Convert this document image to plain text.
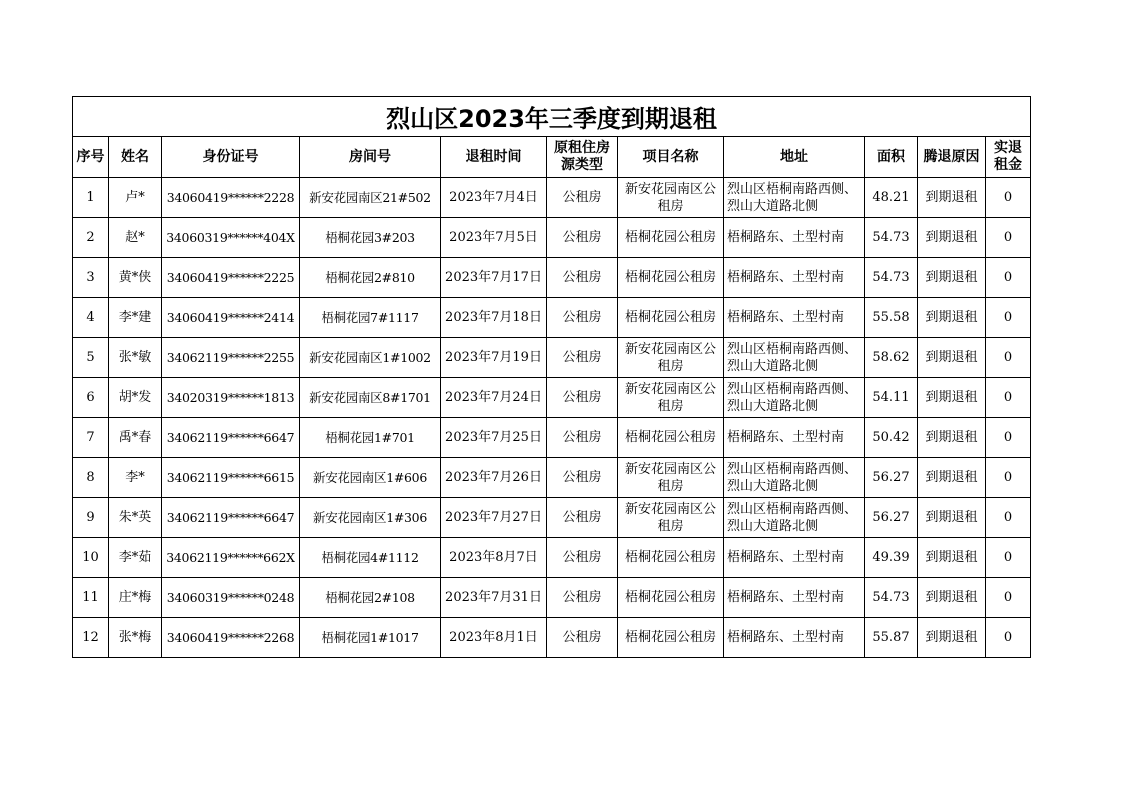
烈山区2023年三季度到期退租										
序号	姓名	身份证号	房间号	退租时间	原租住房源类型	项目名称	地址	面积	腾退原因	实退租金
1	卢*	34060419******2228	新安花园南区21#502	2023年7月4日	公租房	新安花园南区公租房	烈山区梧桐南路西侧、烈山大道路北侧	48.21	到期退租	0
2	赵*	34060319******404X	梧桐花园3#203	2023年7月5日	公租房	梧桐花园公租房	梧桐路东、土型村南	54.73	到期退租	0
3	黄*侠	34060419******2225	梧桐花园2#810	2023年7月17日	公租房	梧桐花园公租房	梧桐路东、土型村南	54.73	到期退租	0
4	李*建	34060419******2414	梧桐花园7#1117	2023年7月18日	公租房	梧桐花园公租房	梧桐路东、土型村南	55.58	到期退租	0
5	张*敏	34062119******2255	新安花园南区1#1002	2023年7月19日	公租房	新安花园南区公租房	烈山区梧桐南路西侧、烈山大道路北侧	58.62	到期退租	0
6	胡*发	34020319******1813	新安花园南区8#1701	2023年7月24日	公租房	新安花园南区公租房	烈山区梧桐南路西侧、烈山大道路北侧	54.11	到期退租	0
7	禹*春	34062119******6647	梧桐花园1#701	2023年7月25日	公租房	梧桐花园公租房	梧桐路东、土型村南	50.42	到期退租	0
8	李*	34062119******6615	新安花园南区1#606	2023年7月26日	公租房	新安花园南区公租房	烈山区梧桐南路西侧、烈山大道路北侧	56.27	到期退租	0
9	朱*英	34062119******6647	新安花园南区1#306	2023年7月27日	公租房	新安花园南区公租房	烈山区梧桐南路西侧、烈山大道路北侧	56.27	到期退租	0
10	李*茹	34062119******662X	梧桐花园4#1112	2023年8月7日	公租房	梧桐花园公租房	梧桐路东、土型村南	49.39	到期退租	0
11	庄*梅	34060319******0248	梧桐花园2#108	2023年7月31日	公租房	梧桐花园公租房	梧桐路东、土型村南	54.73	到期退租	0
12	张*梅	34060419******2268	梧桐花园1#1017	2023年8月1日	公租房	梧桐花园公租房	梧桐路东、土型村南	55.87	到期退租	0
